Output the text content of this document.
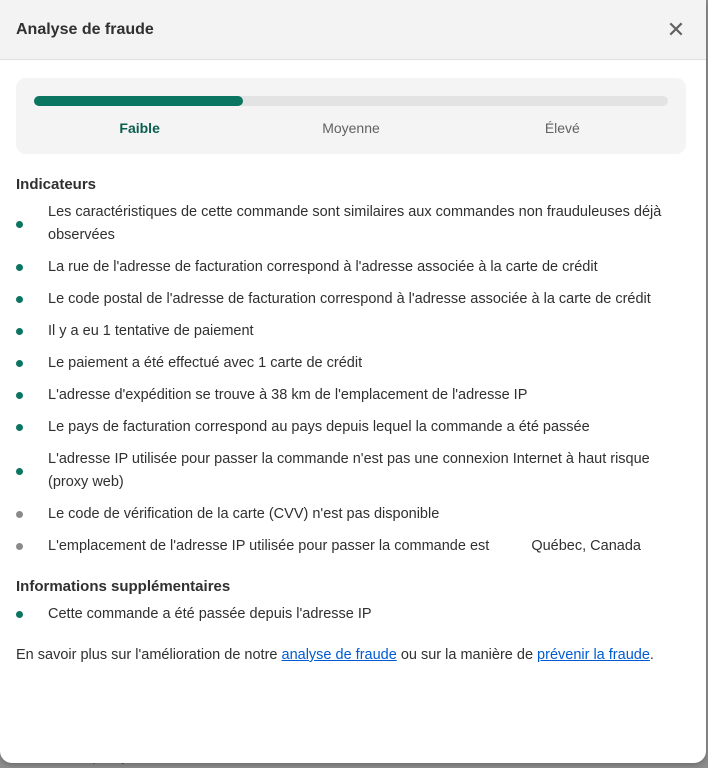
Analyse de fraude	✕
Faible	Moyenne	Élevé
Indicateurs
Les caractéristiques de cette commande sont similaires aux commandes non frauduleuses déjà observées
La rue de l'adresse de facturation correspond à l'adresse associée à la carte de crédit
Le code postal de l'adresse de facturation correspond à l'adresse associée à la carte de crédit
Il y a eu 1 tentative de paiement
Le paiement a été effectué avec 1 carte de crédit
L'adresse d'expédition se trouve à 38 km de l'emplacement de l'adresse IP
Le pays de facturation correspond au pays depuis lequel la commande a été passée
L'adresse IP utilisée pour passer la commande n'est pas une connexion Internet à haut risque (proxy web)
Le code de vérification de la carte (CVV) n'est pas disponible
L'emplacement de l'adresse IP utilisée pour passer la commande est	Québec, Canada
Informations supplémentaires
Cette commande a été passée depuis l'adresse IP
En savoir plus sur l'amélioration de notre analyse de fraude ou sur la manière de prévenir la fraude.
